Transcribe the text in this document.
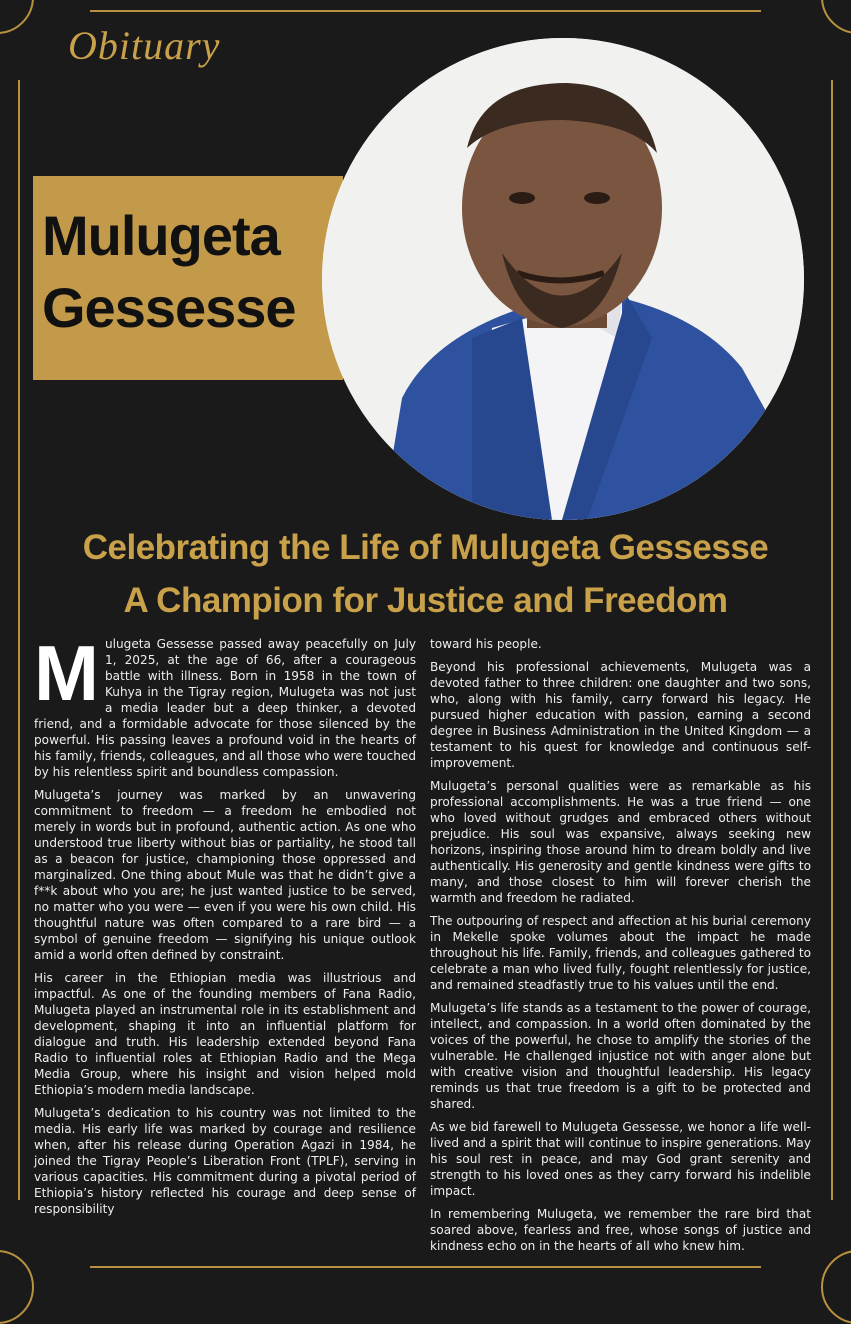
Obituary
Mulugeta
Gessesse
Celebrating the Life of Mulugeta Gessesse
A Champion for Justice and Freedom

Mulugeta Gessesse passed away peacefully on July 1, 2025, at the age of 66, after a courageous battle with illness. Born in 1958 in the town of Kuhya in the Tigray region, Mulugeta was not just a media leader but a deep thinker, a devoted friend, and a formidable advocate for those silenced by the powerful. His passing leaves a profound void in the hearts of his family, friends, colleagues, and all those who were touched by his relentless spirit and boundless compassion.

Mulugeta’s journey was marked by an unwavering commitment to freedom — a freedom he embodied not merely in words but in profound, authentic action. As one who understood true liberty without bias or partiality, he stood tall as a beacon for justice, championing those oppressed and marginalized. One thing about Mule was that he didn’t give a f**k about who you are; he just wanted justice to be served, no matter who you were — even if you were his own child. His thoughtful nature was often compared to a rare bird — a symbol of genuine freedom — signifying his unique outlook amid a world often defined by constraint.

His career in the Ethiopian media was illustrious and impactful. As one of the founding members of Fana Radio, Mulugeta played an instrumental role in its establishment and development, shaping it into an influential platform for dialogue and truth. His leadership extended beyond Fana Radio to influential roles at Ethiopian Radio and the Mega Media Group, where his insight and vision helped mold Ethiopia’s modern media landscape.

Mulugeta’s dedication to his country was not limited to the media. His early life was marked by courage and resilience when, after his release during Operation Agazi in 1984, he joined the Tigray People’s Liberation Front (TPLF), serving in various capacities. His commitment during a pivotal period of Ethiopia’s history reflected his courage and deep sense of responsibility

toward his people.

Beyond his professional achievements, Mulugeta was a devoted father to three children: one daughter and two sons, who, along with his family, carry forward his legacy. He pursued higher education with passion, earning a second degree in Business Administration in the United Kingdom — a testament to his quest for knowledge and continuous self-improvement.

Mulugeta’s personal qualities were as remarkable as his professional accomplishments. He was a true friend — one who loved without grudges and embraced others without prejudice. His soul was expansive, always seeking new horizons, inspiring those around him to dream boldly and live authentically. His generosity and gentle kindness were gifts to many, and those closest to him will forever cherish the warmth and freedom he radiated.

The outpouring of respect and affection at his burial ceremony in Mekelle spoke volumes about the impact he made throughout his life. Family, friends, and colleagues gathered to celebrate a man who lived fully, fought relentlessly for justice, and remained steadfastly true to his values until the end.

Mulugeta’s life stands as a testament to the power of courage, intellect, and compassion. In a world often dominated by the voices of the powerful, he chose to amplify the stories of the vulnerable. He challenged injustice not with anger alone but with creative vision and thoughtful leadership. His legacy reminds us that true freedom is a gift to be protected and shared.

As we bid farewell to Mulugeta Gessesse, we honor a life well-lived and a spirit that will continue to inspire generations. May his soul rest in peace, and may God grant serenity and strength to his loved ones as they carry forward his indelible impact.

In remembering Mulugeta, we remember the rare bird that soared above, fearless and free, whose songs of justice and kindness echo on in the hearts of all who knew him.
